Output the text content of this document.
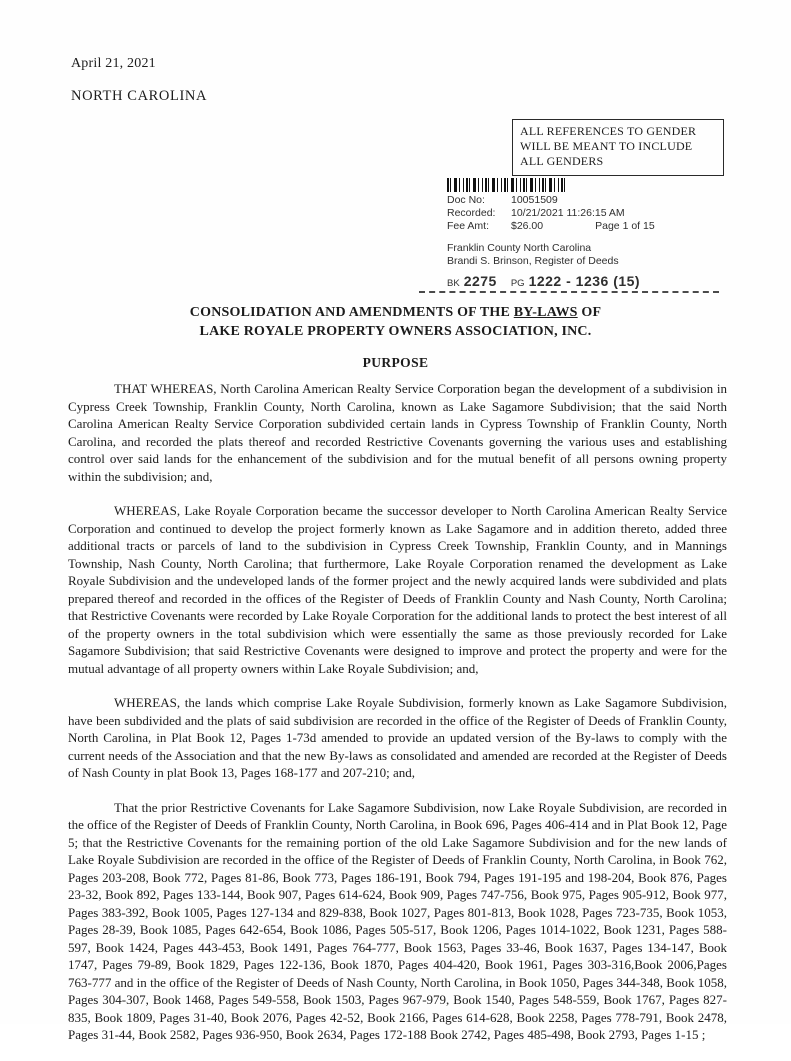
April 21, 2021
NORTH CAROLINA
ALL REFERENCES TO GENDER WILL BE MEANT TO INCLUDE ALL GENDERS
Doc No:	10051509
Recorded:	10/21/2021 11:26:15 AM
Fee Amt:	$26.00	Page 1 of 15
Franklin County North Carolina
Brandi S. Brinson, Register of Deeds
BK 2275 PG 1222 - 1236 (15)
CONSOLIDATION AND AMENDMENTS OF THE BY-LAWS OF
LAKE ROYALE PROPERTY OWNERS ASSOCIATION, INC.
PURPOSE

THAT WHEREAS, North Carolina American Realty Service Corporation began the development of a subdivision in Cypress Creek Township, Franklin County, North Carolina, known as Lake Sagamore Subdivision; that the said North Carolina American Realty Service Corporation subdivided certain lands in Cypress Township of Franklin County, North Carolina, and recorded the plats thereof and recorded Restrictive Covenants governing the various uses and establishing control over said lands for the enhancement of the subdivision and for the mutual benefit of all persons owning property within the subdivision; and,

WHEREAS, Lake Royale Corporation became the successor developer to North Carolina American Realty Service Corporation and continued to develop the project formerly known as Lake Sagamore and in addition thereto, added three additional tracts or parcels of land to the subdivision in Cypress Creek Township, Franklin County, and in Mannings Township, Nash County, North Carolina; that furthermore, Lake Royale Corporation renamed the development as Lake Royale Subdivision and the undeveloped lands of the former project and the newly acquired lands were subdivided and plats prepared thereof and recorded in the offices of the Register of Deeds of Franklin County and Nash County, North Carolina; that Restrictive Covenants were recorded by Lake Royale Corporation for the additional lands to protect the best interest of all of the property owners in the total subdivision which were essentially the same as those previously recorded for Lake Sagamore Subdivision; that said Restrictive Covenants were designed to improve and protect the property and were for the mutual advantage of all property owners within Lake Royale Subdivision; and,

WHEREAS, the lands which comprise Lake Royale Subdivision, formerly known as Lake Sagamore Subdivision, have been subdivided and the plats of said subdivision are recorded in the office of the Register of Deeds of Franklin County, North Carolina, in Plat Book 12, Pages 1-73d amended to provide an updated version of the By-laws to comply with the current needs of the Association and that the new By-laws as consolidated and amended are recorded at the Register of Deeds of Nash County in plat Book 13, Pages 168-177 and 207-210; and,

That the prior Restrictive Covenants for Lake Sagamore Subdivision, now Lake Royale Subdivision, are recorded in the office of the Register of Deeds of Franklin County, North Carolina, in Book 696, Pages 406-414 and in Plat Book 12, Page 5; that the Restrictive Covenants for the remaining portion of the old Lake Sagamore Subdivision and for the new lands of Lake Royale Subdivision are recorded in the office of the Register of Deeds of Franklin County, North Carolina, in Book 762, Pages 203-208, Book 772, Pages 81-86, Book 773, Pages 186-191, Book 794, Pages 191-195 and 198-204, Book 876, Pages 23-32, Book 892, Pages 133-144, Book 907, Pages 614-624, Book 909, Pages 747-756, Book 975, Pages 905-912, Book 977, Pages 383-392, Book 1005, Pages 127-134 and 829-838, Book 1027, Pages 801-813, Book 1028, Pages 723-735, Book 1053, Pages 28-39, Book 1085, Pages 642-654, Book 1086, Pages 505-517, Book 1206, Pages 1014-1022, Book 1231, Pages 588-597, Book 1424, Pages 443-453, Book 1491, Pages 764-777, Book 1563, Pages 33-46, Book 1637, Pages 134-147, Book 1747, Pages 79-89, Book 1829, Pages 122-136, Book 1870, Pages 404-420, Book 1961, Pages 303-316,Book 2006,Pages 763-777 and in the office of the Register of Deeds of Nash County, North Carolina, in Book 1050, Pages 344-348, Book 1058, Pages 304-307, Book 1468, Pages 549-558, Book 1503, Pages 967-979, Book 1540, Pages 548-559, Book 1767, Pages 827-835, Book 1809, Pages 31-40, Book 2076, Pages 42-52, Book 2166, Pages 614-628, Book 2258, Pages 778-791, Book 2478, Pages 31-44, Book 2582, Pages 936-950, Book 2634, Pages 172-188 Book 2742, Pages 485-498, Book 2793, Pages 1-15 ;
